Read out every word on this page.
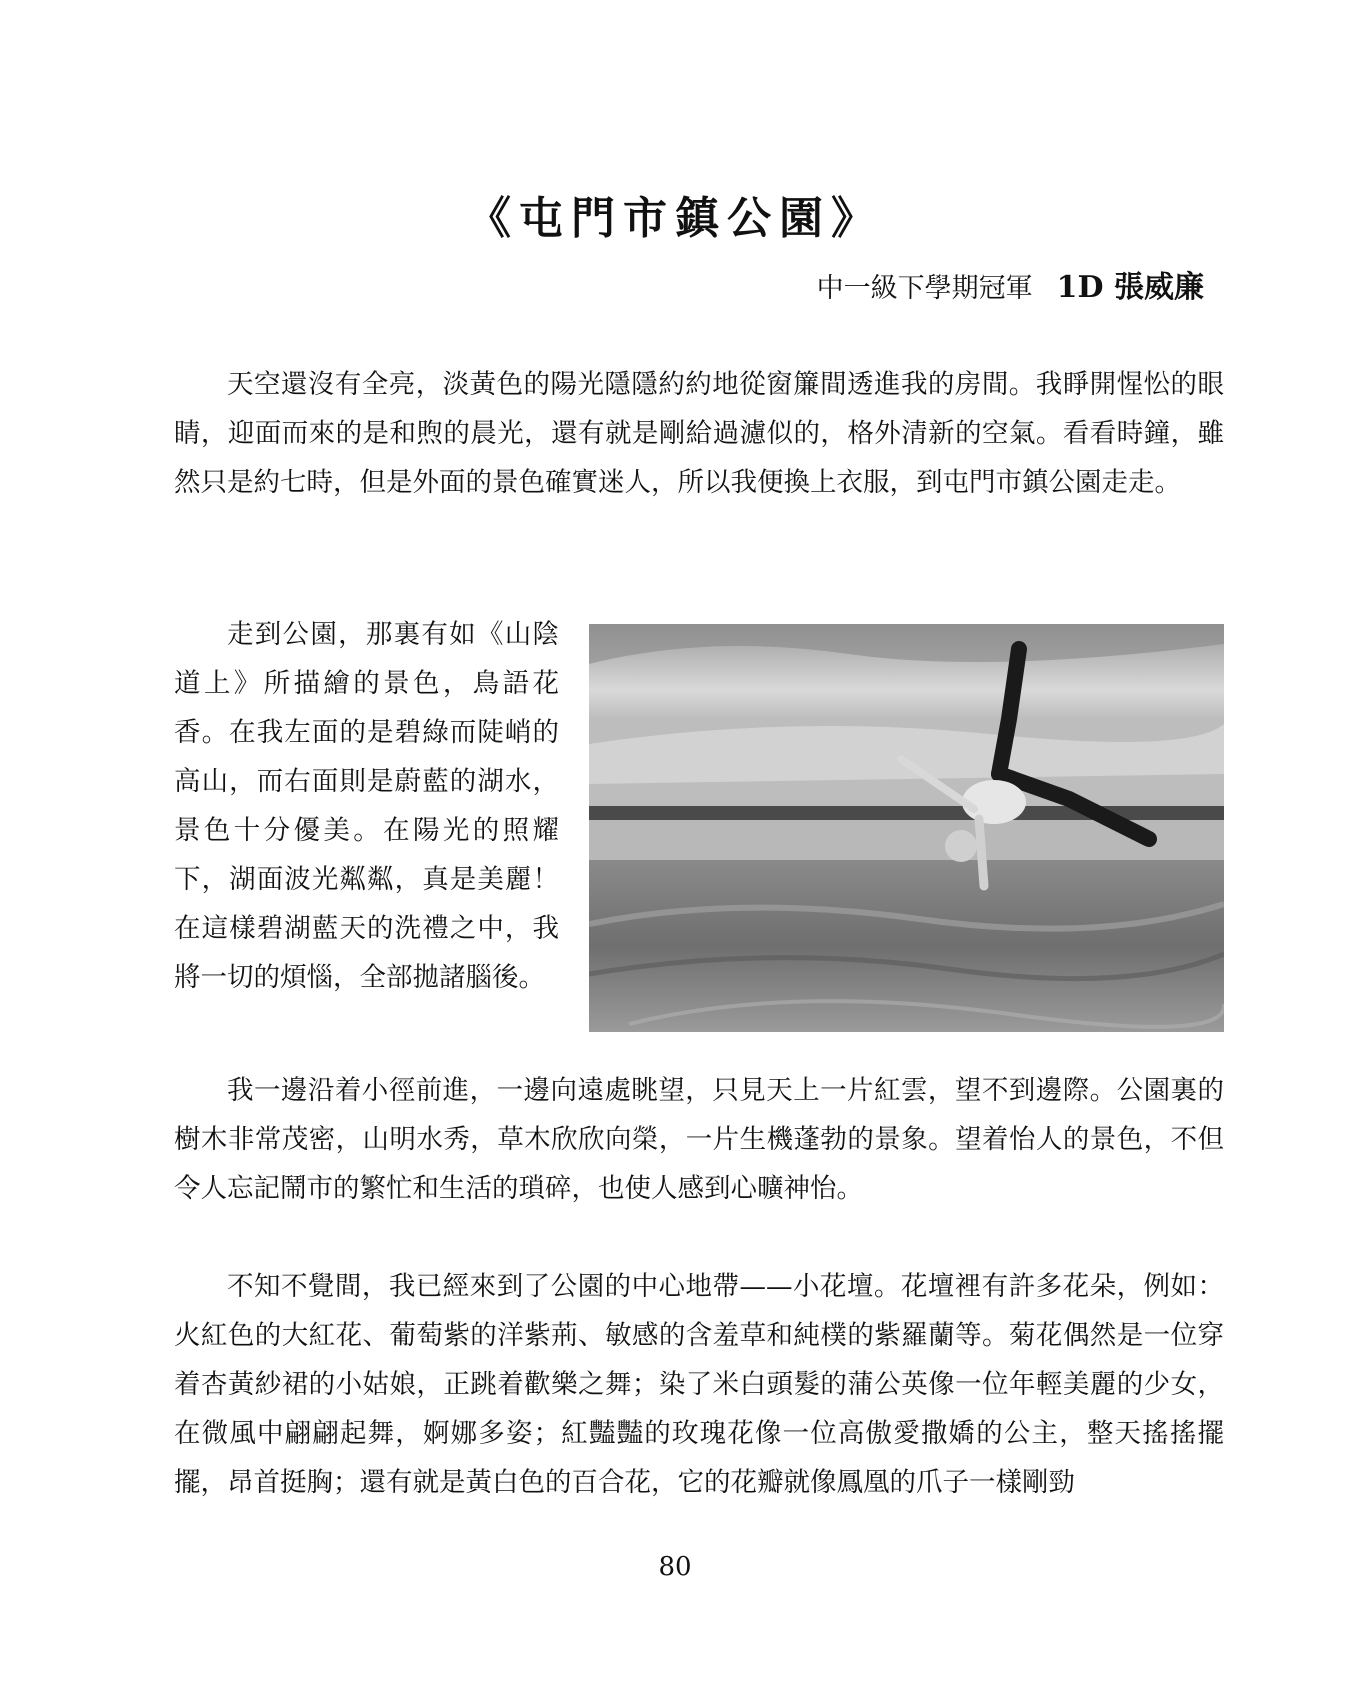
《屯門市鎮公園》
中一級下學期冠軍 1D 張威廉

天空還沒有全亮，淡黃色的陽光隱隱約約地從窗簾間透進我的房間。我睜開惺忪的眼睛，迎面而來的是和煦的晨光，還有就是剛給過濾似的，格外清新的空氣。看看時鐘，雖然只是約七時，但是外面的景色確實迷人，所以我便換上衣服，到屯門市鎮公園走走。

走到公園，那裏有如《山陰道上》所描繪的景色，鳥語花香。在我左面的是碧綠而陡峭的高山，而右面則是蔚藍的湖水，景色十分優美。在陽光的照耀下，湖面波光粼粼，真是美麗！在這樣碧湖藍天的洗禮之中，我將一切的煩惱，全部拋諸腦後。

我一邊沿着小徑前進，一邊向遠處眺望，只見天上一片紅雲，望不到邊際。公園裏的樹木非常茂密，山明水秀，草木欣欣向榮，一片生機蓬勃的景象。望着怡人的景色，不但令人忘記鬧市的繁忙和生活的瑣碎，也使人感到心曠神怡。

不知不覺間，我已經來到了公園的中心地帶——小花壇。花壇裡有許多花朵，例如：火紅色的大紅花、葡萄紫的洋紫荊、敏感的含羞草和純樸的紫羅蘭等。菊花偶然是一位穿着杏黃紗裙的小姑娘，正跳着歡樂之舞；染了米白頭髮的蒲公英像一位年輕美麗的少女，在微風中翩翩起舞，婀娜多姿；紅豔豔的玫瑰花像一位高傲愛撒嬌的公主，整天搖搖擺擺，昂首挺胸；還有就是黃白色的百合花，它的花瓣就像鳳凰的爪子一樣剛勁

80
